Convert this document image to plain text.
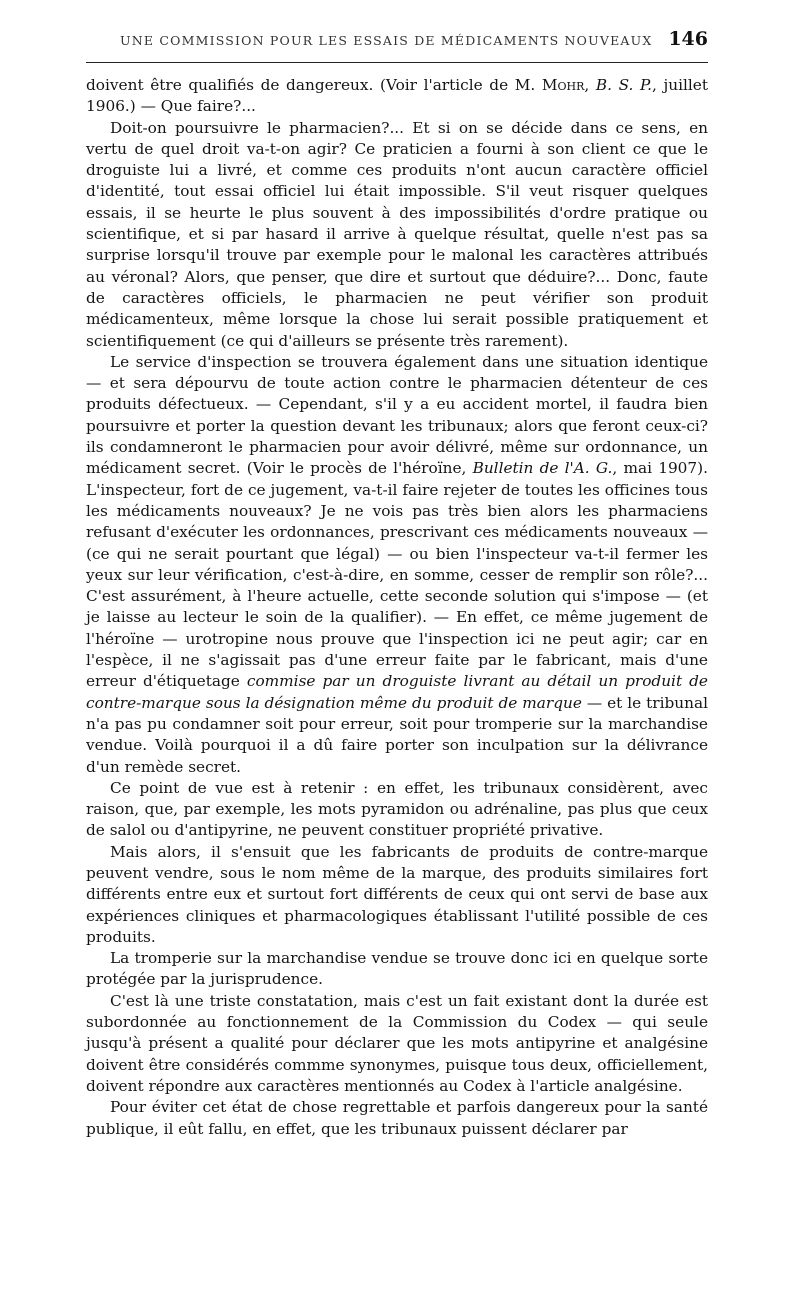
UNE COMMISSION POUR LES ESSAIS DE MÉDICAMENTS NOUVEAUX 146

doivent être qualifiés de dangereux. (Voir l'article de M. Mohr, B. S. P., juillet 1906.) — Que faire?...

Doit-on poursuivre le pharmacien?... Et si on se décide dans ce sens, en vertu de quel droit va-t-on agir? Ce praticien a fourni à son client ce que le droguiste lui a livré, et comme ces produits n'ont aucun caractère officiel d'identité, tout essai officiel lui était impossible. S'il veut risquer quelques essais, il se heurte le plus souvent à des impossibilités d'ordre pratique ou scientifique, et si par hasard il arrive à quelque résultat, quelle n'est pas sa surprise lorsqu'il trouve par exemple pour le malonal les caractères attribués au véronal? Alors, que penser, que dire et surtout que déduire?... Donc, faute de caractères officiels, le pharmacien ne peut vérifier son produit médicamenteux, même lorsque la chose lui serait possible pratiquement et scientifiquement (ce qui d'ailleurs se présente très rarement).

Le service d'inspection se trouvera également dans une situation identique — et sera dépourvu de toute action contre le pharmacien détenteur de ces produits défectueux. — Cependant, s'il y a eu accident mortel, il faudra bien poursuivre et porter la question devant les tribunaux; alors que feront ceux-ci? ils condamneront le pharmacien pour avoir délivré, même sur ordonnance, un médicament secret. (Voir le procès de l'héroïne, Bulletin de l'A. G., mai 1907). L'inspecteur, fort de ce jugement, va-t-il faire rejeter de toutes les officines tous les médicaments nouveaux? Je ne vois pas très bien alors les pharmaciens refusant d'exécuter les ordonnances, prescrivant ces médicaments nouveaux — (ce qui ne serait pourtant que légal) — ou bien l'inspecteur va-t-il fermer les yeux sur leur vérification, c'est-à-dire, en somme, cesser de remplir son rôle?... C'est assurément, à l'heure actuelle, cette seconde solution qui s'impose — (et je laisse au lecteur le soin de la qualifier). — En effet, ce même jugement de l'héroïne — urotropine nous prouve que l'inspection ici ne peut agir; car en l'espèce, il ne s'agissait pas d'une erreur faite par le fabricant, mais d'une erreur d'étiquetage commise par un droguiste livrant au détail un produit de contre-marque sous la désignation même du produit de marque — et le tribunal n'a pas pu condamner soit pour erreur, soit pour tromperie sur la marchandise vendue. Voilà pourquoi il a dû faire porter son inculpation sur la délivrance d'un remède secret.

Ce point de vue est à retenir : en effet, les tribunaux considèrent, avec raison, que, par exemple, les mots pyramidon ou adrénaline, pas plus que ceux de salol ou d'antipyrine, ne peuvent constituer propriété privative.

Mais alors, il s'ensuit que les fabricants de produits de contre-marque peuvent vendre, sous le nom même de la marque, des produits similaires fort différents entre eux et surtout fort différents de ceux qui ont servi de base aux expériences cliniques et pharmacologiques établissant l'utilité possible de ces produits.

La tromperie sur la marchandise vendue se trouve donc ici en quelque sorte protégée par la jurisprudence.

C'est là une triste constatation, mais c'est un fait existant dont la durée est subordonnée au fonctionnement de la Commission du Codex — qui seule jusqu'à présent a qualité pour déclarer que les mots antipyrine et analgésine doivent être considérés commme synonymes, puisque tous deux, officiellement, doivent répondre aux caractères mentionnés au Codex à l'article analgésine.

Pour éviter cet état de chose regrettable et parfois dangereux pour la santé publique, il eût fallu, en effet, que les tribunaux puissent déclarer par
